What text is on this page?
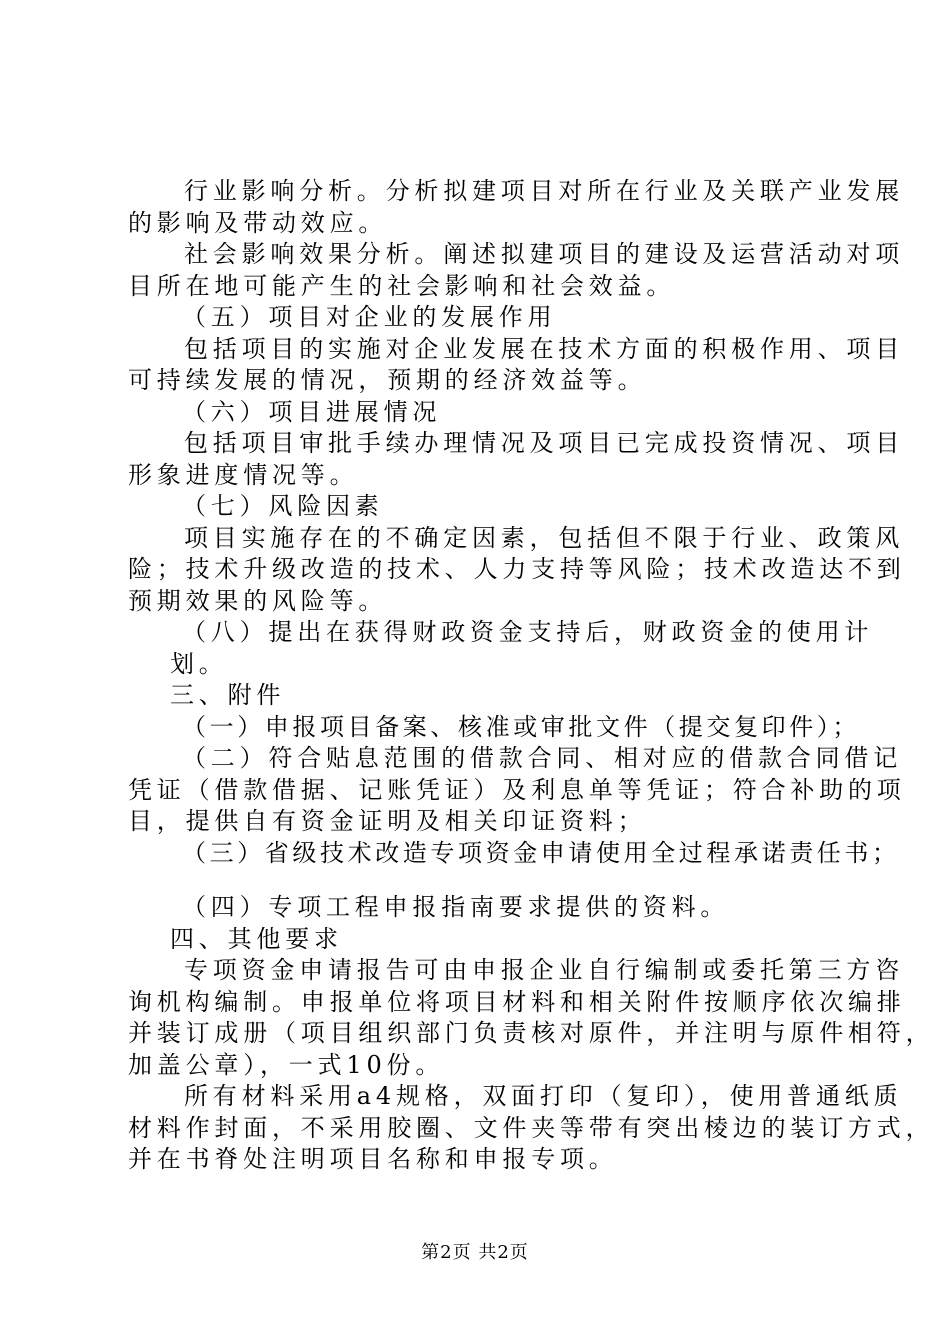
行业影响分析。分析拟建项目对所在行业及关联产业发展
的影响及带动效应。
社会影响效果分析。阐述拟建项目的建设及运营活动对项
目所在地可能产生的社会影响和社会效益。
（五）项目对企业的发展作用
包括项目的实施对企业发展在技术方面的积极作用、项目
可持续发展的情况，预期的经济效益等。
（六）项目进展情况
包括项目审批手续办理情况及项目已完成投资情况、项目
形象进度情况等。
（七）风险因素
项目实施存在的不确定因素，包括但不限于行业、政策风
险；技术升级改造的技术、人力支持等风险；技术改造达不到
预期效果的风险等。
（八）提出在获得财政资金支持后，财政资金的使用计
划。
三、附件
（一）申报项目备案、核准或审批文件（提交复印件）；
（二）符合贴息范围的借款合同、相对应的借款合同借记
凭证（借款借据、记账凭证）及利息单等凭证；符合补助的项
目，提供自有资金证明及相关印证资料；
（三）省级技术改造专项资金申请使用全过程承诺责任书；
（四）专项工程申报指南要求提供的资料。
四、其他要求
专项资金申请报告可由申报企业自行编制或委托第三方咨
询机构编制。申报单位将项目材料和相关附件按顺序依次编排
并装订成册（项目组织部门负责核对原件，并注明与原件相符，
加盖公章），一式10份。
所有材料采用a4规格，双面打印（复印），使用普通纸质
材料作封面，不采用胶圈、文件夹等带有突出棱边的装订方式，
并在书脊处注明项目名称和申报专项。
第2页 共2页
